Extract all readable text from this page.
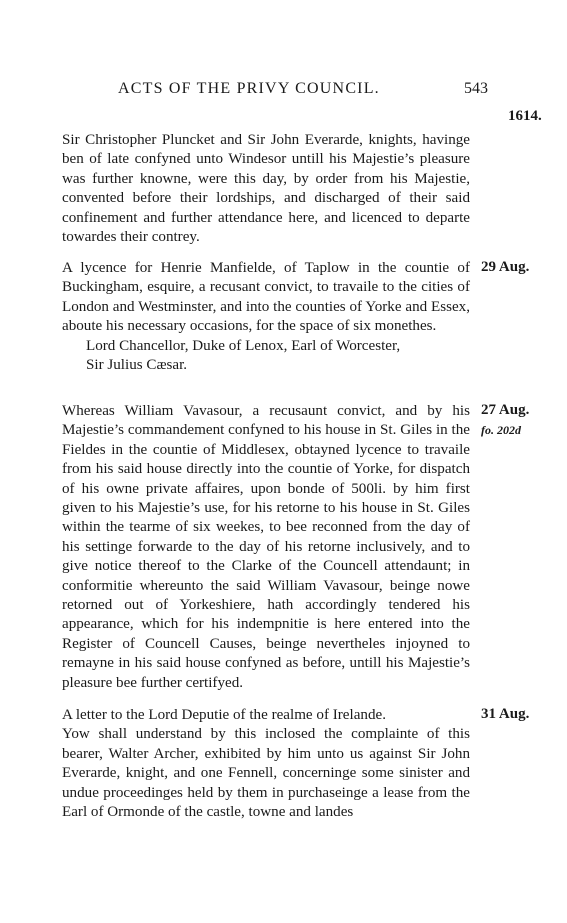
ACTS OF THE PRIVY COUNCIL.	543
1614.

Sir Christopher Pluncket and Sir John Everarde, knights, havinge ben of late confyned unto Windesor untill his Majestie’s pleasure was further knowne, were this day, by order from his Majestie, convented before their lordships, and discharged of their said confinement and further attendance here, and licenced to departe towardes their contrey.

29 Aug.

A lycence for Henrie Manfielde, of Taplow in the countie of Buckingham, esquire, a recusant convict, to travaile to the cities of London and Westminster, and into the counties of Yorke and Essex, aboute his necessary occasions, for the space of six monethes.

Lord Chancellor, Duke of Lenox, Earl of Worcester,
Sir Julius Cæsar.
27 Aug.
fo. 202d

Whereas William Vavasour, a recusaunt convict, and by his Majestie’s commandement confyned to his house in St. Giles in the Fieldes in the countie of Middlesex, obtayned lycence to travaile from his said house directly into the countie of Yorke, for dispatch of his owne private affaires, upon bonde of 500li. by him first given to his Majestie’s use, for his retorne to his house in St. Giles within the tearme of six weekes, to bee reconned from the day of his settinge forwarde to the day of his retorne inclusively, and to give notice thereof to the Clarke of the Councell attendaunt; in conformitie whereunto the said William Vavasour, beinge nowe retorned out of Yorkeshiere, hath accordingly tendered his appearance, which for his indempnitie is here entered into the Register of Councell Causes, beinge nevertheles injoyned to remayne in his said house confyned as before, untill his Majestie’s pleasure bee further certifyed.

31 Aug.

A letter to the Lord Deputie of the realme of Irelande.

Yow shall understand by this inclosed the complainte of this bearer, Walter Archer, exhibited by him unto us against Sir John Everarde, knight, and one Fennell, concerninge some sinister and undue proceedinges held by them in purchaseinge a lease from the Earl of Ormonde of the castle, towne and landes
